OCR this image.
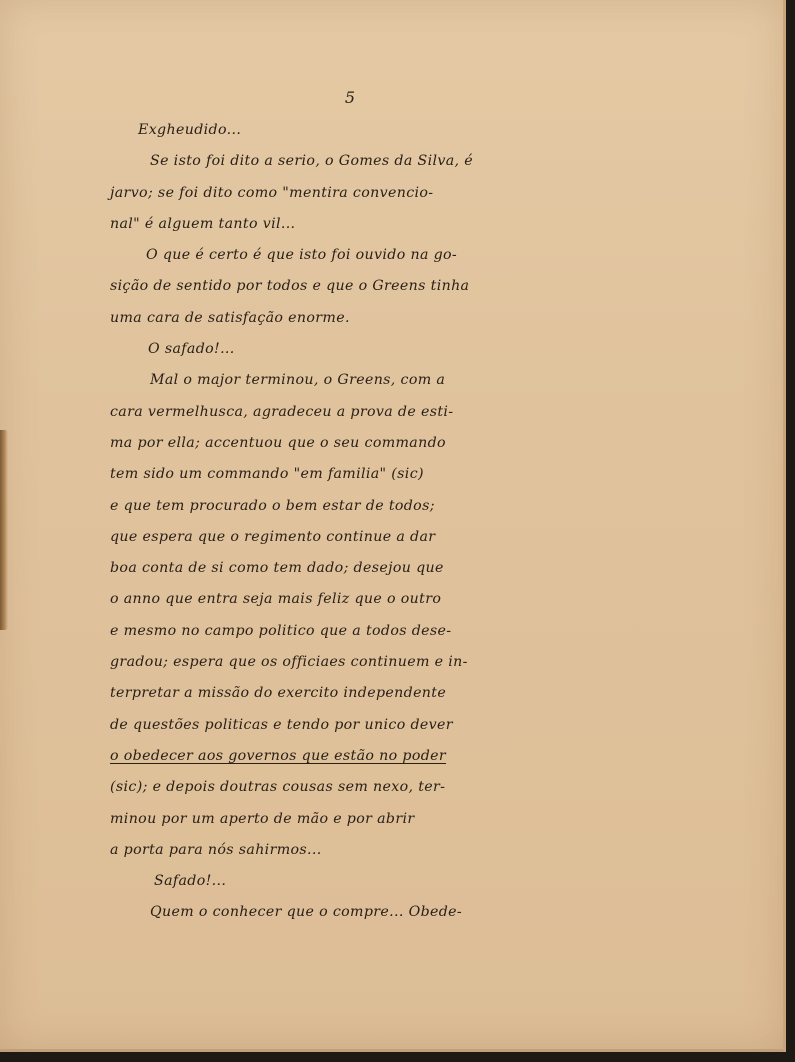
5
Exgheudido...
Se isto foi dito a serio, o Gomes da Silva, é
jarvo; se foi dito como "mentira convencio-
nal" é alguem tanto vil...
O que é certo é que isto foi ouvido na go-
sição de sentido por todos e que o Greens tinha
uma cara de satisfação enorme.
O safado!...
Mal o major terminou, o Greens, com a
cara vermelhusca, agradeceu a prova de esti-
ma por ella; accentuou que o seu commando
tem sido um commando "em familia" (sic)
e que tem procurado o bem estar de todos;
que espera que o regimento continue a dar
boa conta de si como tem dado; desejou que
o anno que entra seja mais feliz que o outro
e mesmo no campo politico que a todos dese-
gradou; espera que os officiaes continuem e in-
terpretar a missão do exercito independente
de questões politicas e tendo por unico dever
o obedecer aos governos que estão no poder
(sic); e depois doutras cousas sem nexo, ter-
minou por um aperto de mão e por abrir
a porta para nós sahirmos...
Safado!...
Quem o conhecer que o compre... Obede-
